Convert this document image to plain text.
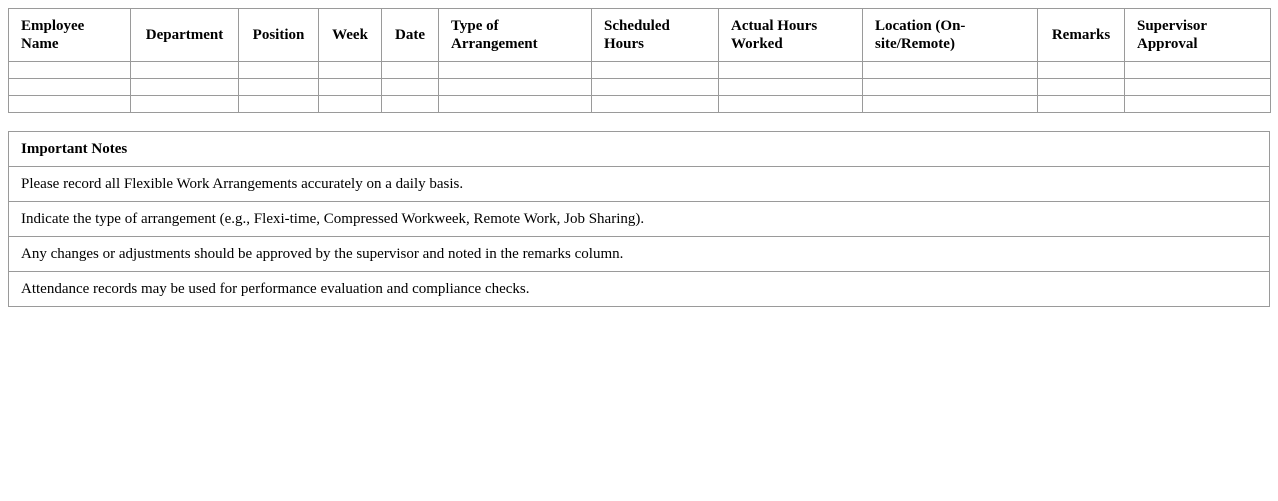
Employee Name	Department	Position	Week	Date	Type of Arrangement	Scheduled Hours	Actual Hours Worked	Location (On-site/Remote)	Remarks	Supervisor Approval

Important Notes
Please record all Flexible Work Arrangements accurately on a daily basis.
Indicate the type of arrangement (e.g., Flexi-time, Compressed Workweek, Remote Work, Job Sharing).
Any changes or adjustments should be approved by the supervisor and noted in the remarks column.
Attendance records may be used for performance evaluation and compliance checks.
